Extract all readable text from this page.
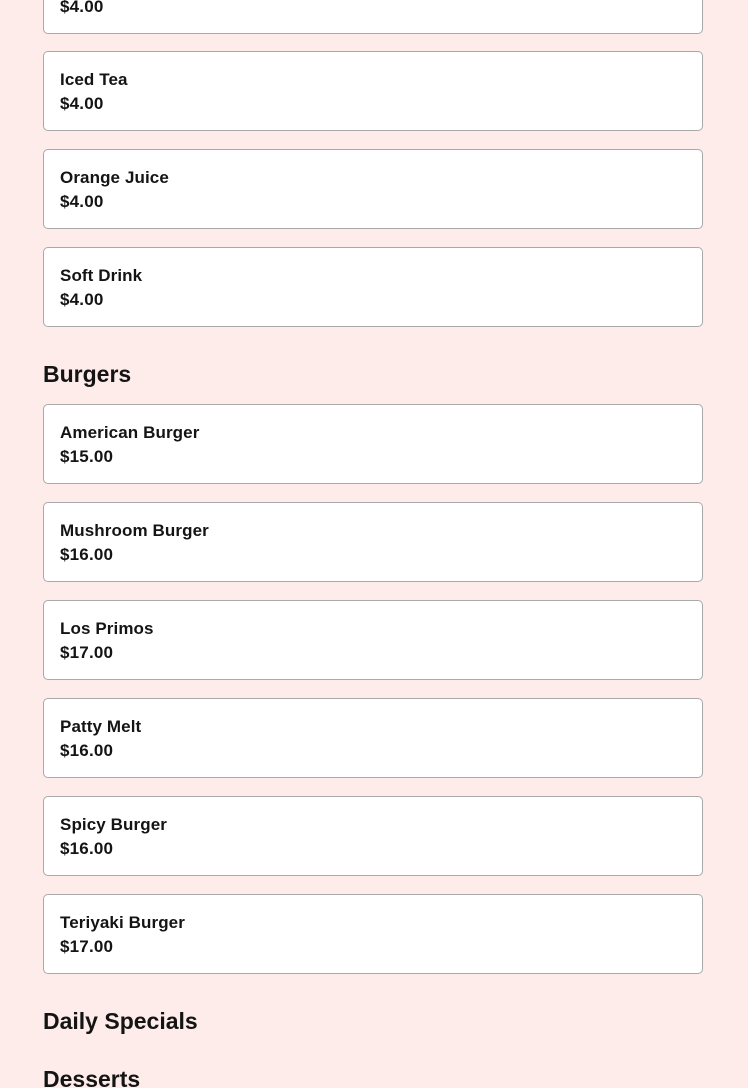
$4.00
Iced Tea
$4.00
Orange Juice
$4.00
Soft Drink
$4.00
Burgers
American Burger
$15.00
Mushroom Burger
$16.00
Los Primos
$17.00
Patty Melt
$16.00
Spicy Burger
$16.00
Teriyaki Burger
$17.00
Daily Specials
Desserts
